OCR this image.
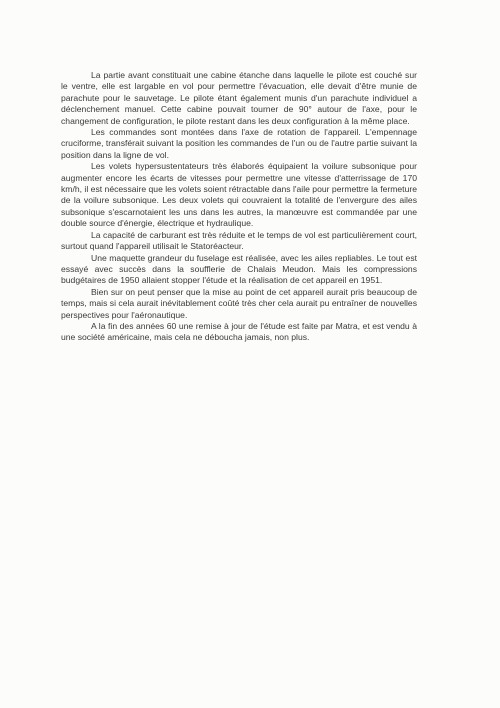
La partie avant constituait une cabine étanche dans laquelle le pilote est couché sur le ventre, elle est largable en vol pour permettre l'évacuation, elle devait d'être munie de parachute pour le sauvetage. Le pilote étant également munis d'un parachute individuel a déclenchement manuel. Cette cabine pouvait tourner de 90° autour de l'axe, pour le changement de configuration, le pilote restant dans les deux configuration à la même place.

Les commandes sont montées dans l'axe de rotation de l'appareil. L'empennage cruciforme, transférait suivant la position les commandes de l'un ou de l'autre partie suivant la position dans la ligne de vol.

Les volets hypersustentateurs très élaborés équipaient la voilure subsonique pour augmenter encore les écarts de vitesses pour permettre une vitesse d'atterrissage de 170 km/h, il est nécessaire que les volets soient rétractable dans l'aile pour permettre la fermeture de la voilure subsonique. Les deux volets qui couvraient la totalité de l'envergure des ailes subsonique s'escarnotaient les uns dans les autres, la manœuvre est commandée par une double source d'énergie, électrique et hydraulique.

La capacité de carburant est très réduite et le temps de vol est particulièrement court, surtout quand l'appareil utilisait le Statoréacteur.

Une maquette grandeur du fuselage est réalisée, avec les ailes repliables. Le tout est essayé avec succès dans la soufflerie de Chalais Meudon. Mais les compressions budgétaires de 1950 allaient stopper l'étude et la réalisation de cet appareil en 1951.

Bien sur on peut penser que la mise au point de cet appareil aurait pris beaucoup de temps, mais si cela aurait inévitablement coûté très cher cela aurait pu entraîner de nouvelles perspectives pour l'aéronautique.

A la fin des années 60 une remise à jour de l'étude est faite par Matra, et est vendu à une société américaine, mais cela ne déboucha jamais, non plus.
